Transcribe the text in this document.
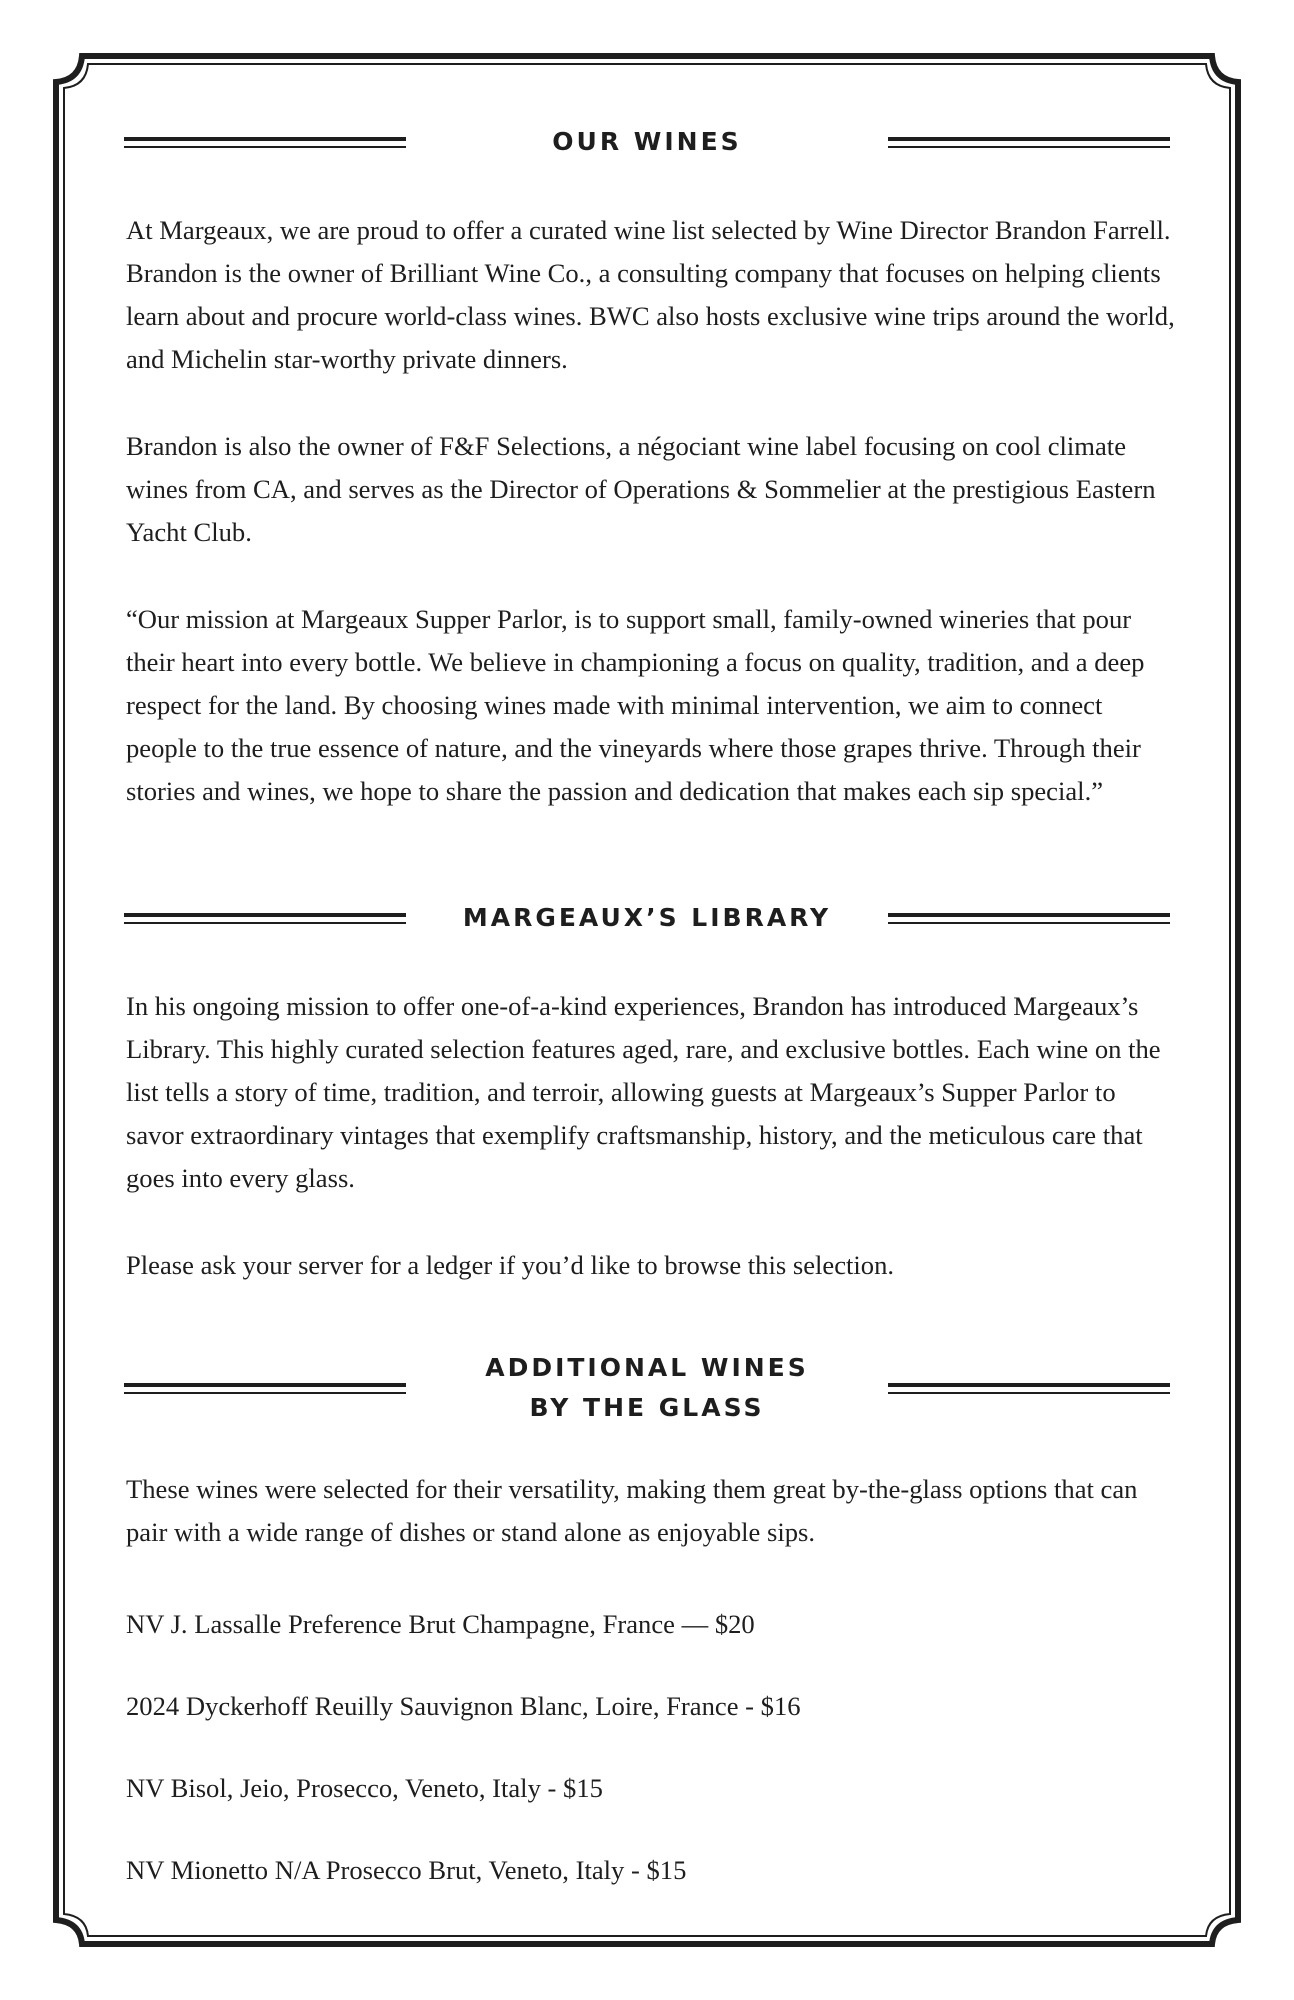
OUR WINES

At Margeaux, we are proud to offer a curated wine list selected by Wine Director Brandon Farrell. Brandon is the owner of Brilliant Wine Co., a consulting company that focuses on helping clients learn about and procure world-class wines. BWC also hosts exclusive wine trips around the world, and Michelin star-worthy private dinners.

Brandon is also the owner of F&F Selections, a négociant wine label focusing on cool climate wines from CA, and serves as the Director of Operations & Sommelier at the prestigious Eastern Yacht Club.

“Our mission at Margeaux Supper Parlor, is to support small, family-owned wineries that pour their heart into every bottle. We believe in championing a focus on quality, tradition, and a deep respect for the land. By choosing wines made with minimal intervention, we aim to connect people to the true essence of nature, and the vineyards where those grapes thrive. Through their stories and wines, we hope to share the passion and dedication that makes each sip special.”

MARGEAUX’S LIBRARY

In his ongoing mission to offer one-of-a-kind experiences, Brandon has introduced Margeaux’s Library. This highly curated selection features aged, rare, and exclusive bottles. Each wine on the list tells a story of time, tradition, and terroir, allowing guests at Margeaux’s Supper Parlor to savor extraordinary vintages that exemplify craftsmanship, history, and the meticulous care that goes into every glass.

Please ask your server for a ledger if you’d like to browse this selection.

ADDITIONAL WINES
BY THE GLASS

These wines were selected for their versatility, making them great by-the-glass options that can pair with a wide range of dishes or stand alone as enjoyable sips.

NV J. Lassalle Preference Brut Champagne, France — $20

2024 Dyckerhoff Reuilly Sauvignon Blanc, Loire, France - $16

NV Bisol, Jeio, Prosecco, Veneto, Italy - $15

NV Mionetto N/A Prosecco Brut, Veneto, Italy - $15
